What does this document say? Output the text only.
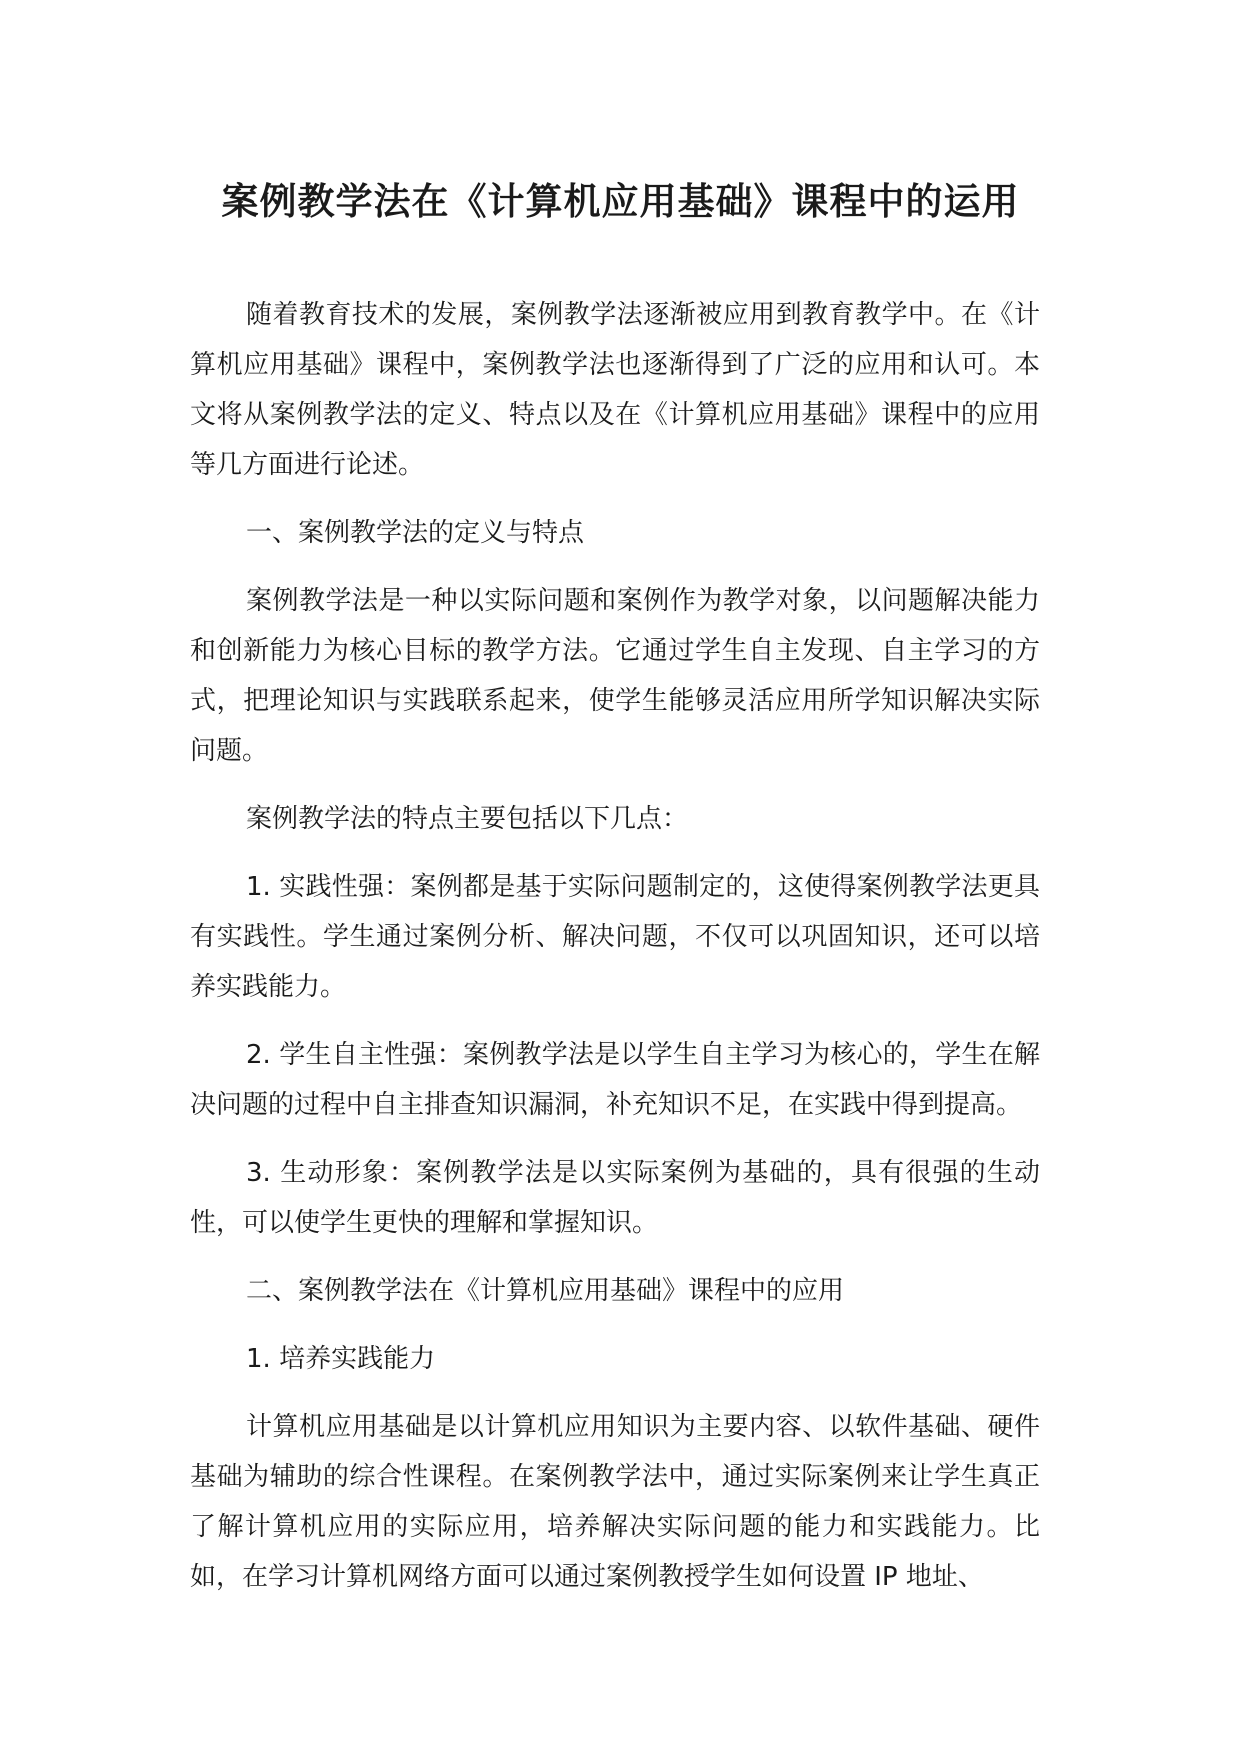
案例教学法在《计算机应用基础》课程中的运用

随着教育技术的发展，案例教学法逐渐被应用到教育教学中。在《计算机应用基础》课程中，案例教学法也逐渐得到了广泛的应用和认可。本文将从案例教学法的定义、特点以及在《计算机应用基础》课程中的应用等几方面进行论述。

一、案例教学法的定义与特点

案例教学法是一种以实际问题和案例作为教学对象，以问题解决能力和创新能力为核心目标的教学方法。它通过学生自主发现、自主学习的方式，把理论知识与实践联系起来，使学生能够灵活应用所学知识解决实际问题。

案例教学法的特点主要包括以下几点：

1. 实践性强：案例都是基于实际问题制定的，这使得案例教学法更具有实践性。学生通过案例分析、解决问题，不仅可以巩固知识，还可以培养实践能力。

2. 学生自主性强：案例教学法是以学生自主学习为核心的，学生在解决问题的过程中自主排查知识漏洞，补充知识不足，在实践中得到提高。

3. 生动形象：案例教学法是以实际案例为基础的，具有很强的生动性，可以使学生更快的理解和掌握知识。

二、案例教学法在《计算机应用基础》课程中的应用

1. 培养实践能力

计算机应用基础是以计算机应用知识为主要内容、以软件基础、硬件基础为辅助的综合性课程。在案例教学法中，通过实际案例来让学生真正了解计算机应用的实际应用，培养解决实际问题的能力和实践能力。比如，在学习计算机网络方面可以通过案例教授学生如何设置 IP 地址、
